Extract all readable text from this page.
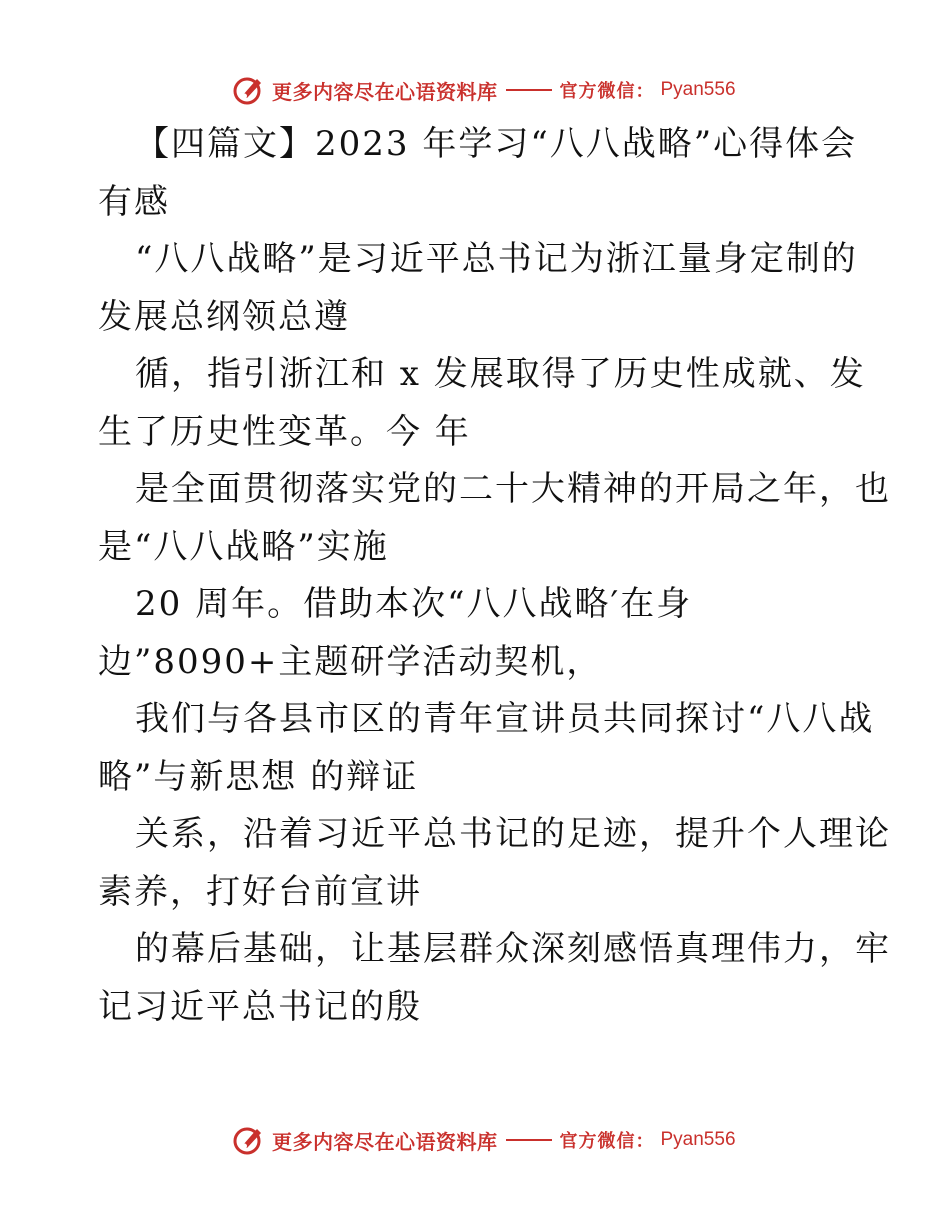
更多内容尽在心语资料库	官方微信： Pyan556
【四篇文】2023 年学习“八八战略”心得体会
有感
“八八战略”是习近平总书记为浙江量身定制的
发展总纲领总遵
循，指引浙江和 x 发展取得了历史性成就、发
生了历史性变革。今 年
是全面贯彻落实党的二十大精神的开局之年，也
是“八八战略”实施
20 周年。借助本次“八八战略′在身
边”8090+主题研学活动契机，
我们与各县市区的青年宣讲员共同探讨“八八战
略”与新思想 的辩证
关系，沿着习近平总书记的足迹，提升个人理论
素养，打好台前宣讲
的幕后基础，让基层群众深刻感悟真理伟力，牢
记习近平总书记的殷
更多内容尽在心语资料库	官方微信： Pyan556
